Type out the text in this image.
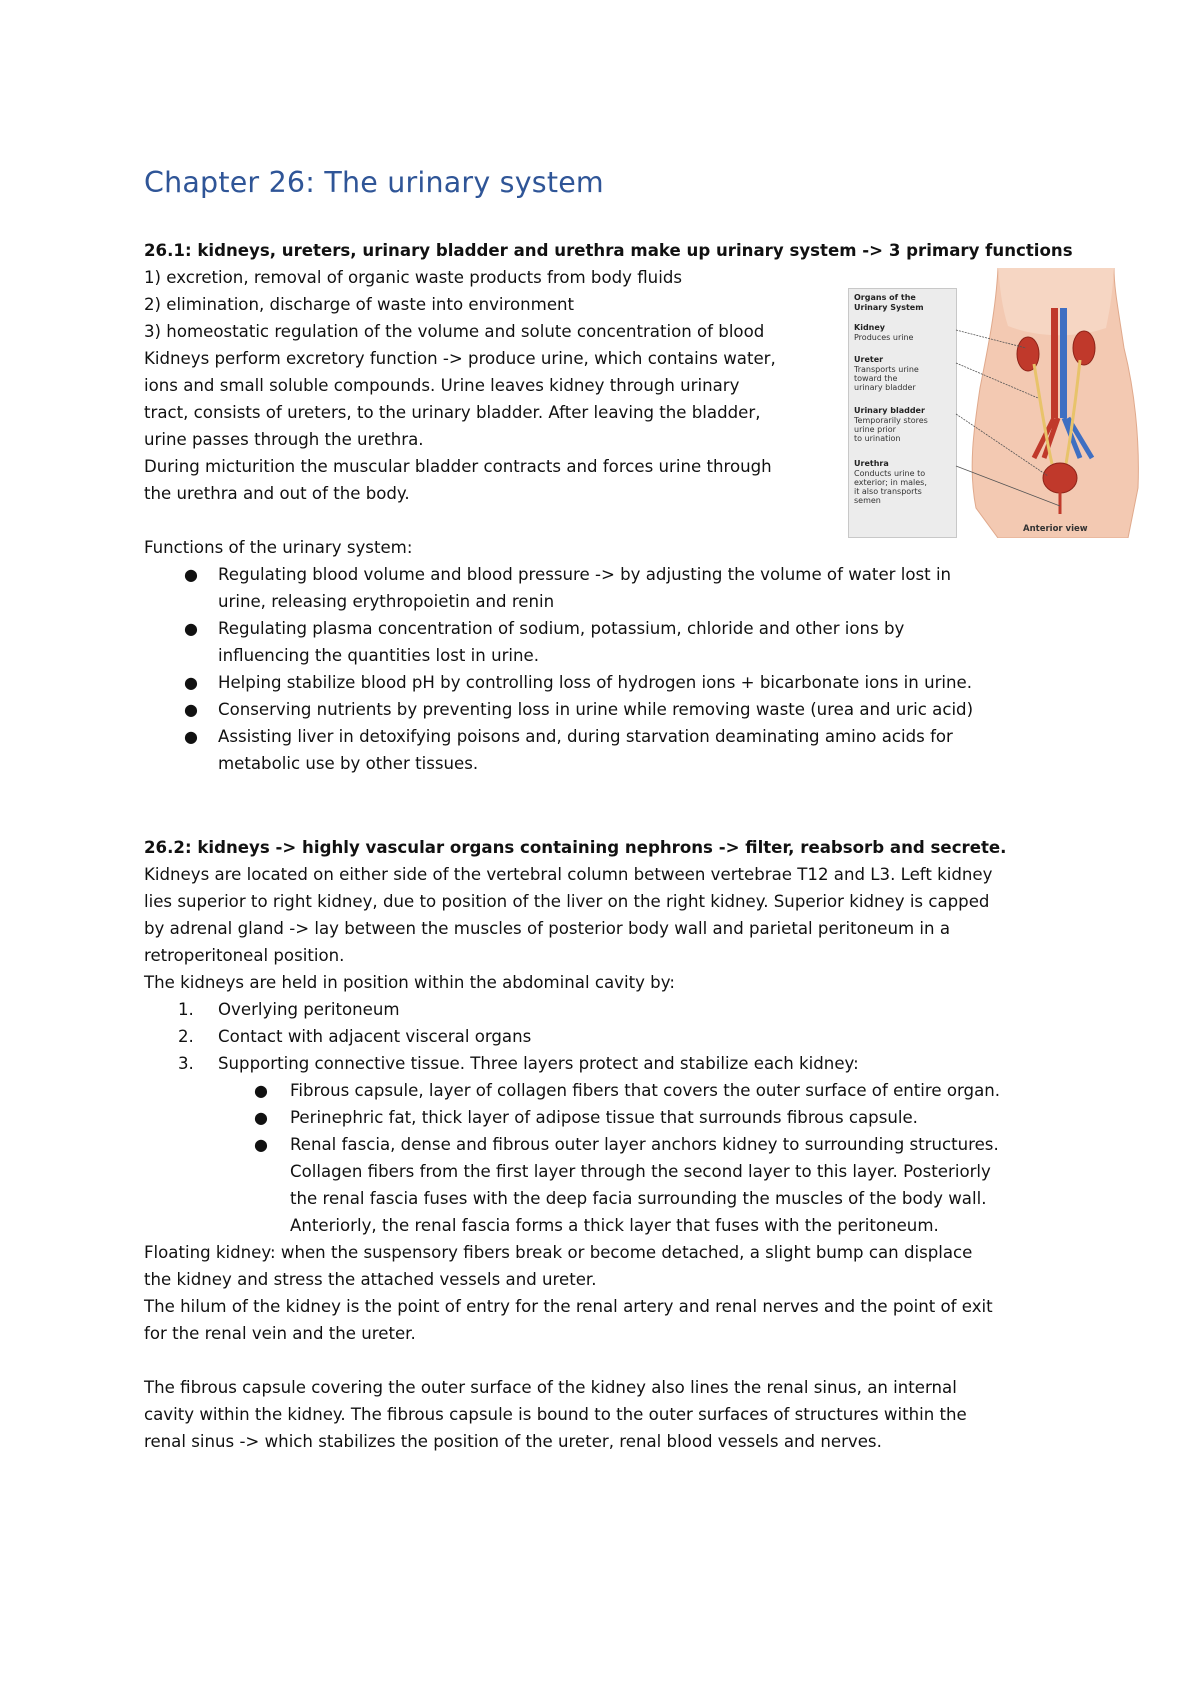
Chapter 26: The urinary system

26.1: kidneys, ureters, urinary bladder and urethra make up urinary system -> 3 primary functions

1) excretion, removal of organic waste products from body fluids

2) elimination, discharge of waste into environment

3) homeostatic regulation of the volume and solute concentration of blood

Kidneys perform excretory function -> produce urine, which contains water,

ions and small soluble compounds. Urine leaves kidney through urinary

tract, consists of ureters, to the urinary bladder. After leaving the bladder,

urine passes through the urethra.

During micturition the muscular bladder contracts and forces urine through

the urethra and out of the body.

Organs of the
Urinary System
Kidney
Produces urine
Ureter
Transports urine
toward the
urinary bladder
Urinary bladder
Temporarily stores
urine prior
to urination
Urethra
Conducts urine to
exterior; in males,
it also transports
semen
Anterior view

Functions of the urinary system:

● Regulating blood volume and blood pressure -> by adjusting the volume of water lost in

urine, releasing erythropoietin and renin

● Regulating plasma concentration of sodium, potassium, chloride and other ions by

influencing the quantities lost in urine.

● Helping stabilize blood pH by controlling loss of hydrogen ions + bicarbonate ions in urine.

● Conserving nutrients by preventing loss in urine while removing waste (urea and uric acid)

● Assisting liver in detoxifying poisons and, during starvation deaminating amino acids for

metabolic use by other tissues.

26.2: kidneys -> highly vascular organs containing nephrons -> filter, reabsorb and secrete.

Kidneys are located on either side of the vertebral column between vertebrae T12 and L3. Left kidney

lies superior to right kidney, due to position of the liver on the right kidney. Superior kidney is capped

by adrenal gland -> lay between the muscles of posterior body wall and parietal peritoneum in a

retroperitoneal position.

The kidneys are held in position within the abdominal cavity by:

1. Overlying peritoneum

2. Contact with adjacent visceral organs

3. Supporting connective tissue. Three layers protect and stabilize each kidney:

● Fibrous capsule, layer of collagen fibers that covers the outer surface of entire organ.

● Perinephric fat, thick layer of adipose tissue that surrounds fibrous capsule.

● Renal fascia, dense and fibrous outer layer anchors kidney to surrounding structures.

Collagen fibers from the first layer through the second layer to this layer. Posteriorly

the renal fascia fuses with the deep facia surrounding the muscles of the body wall.

Anteriorly, the renal fascia forms a thick layer that fuses with the peritoneum.

Floating kidney: when the suspensory fibers break or become detached, a slight bump can displace

the kidney and stress the attached vessels and ureter.

The hilum of the kidney is the point of entry for the renal artery and renal nerves and the point of exit

for the renal vein and the ureter.

The fibrous capsule covering the outer surface of the kidney also lines the renal sinus, an internal

cavity within the kidney. The fibrous capsule is bound to the outer surfaces of structures within the

renal sinus -> which stabilizes the position of the ureter, renal blood vessels and nerves.
